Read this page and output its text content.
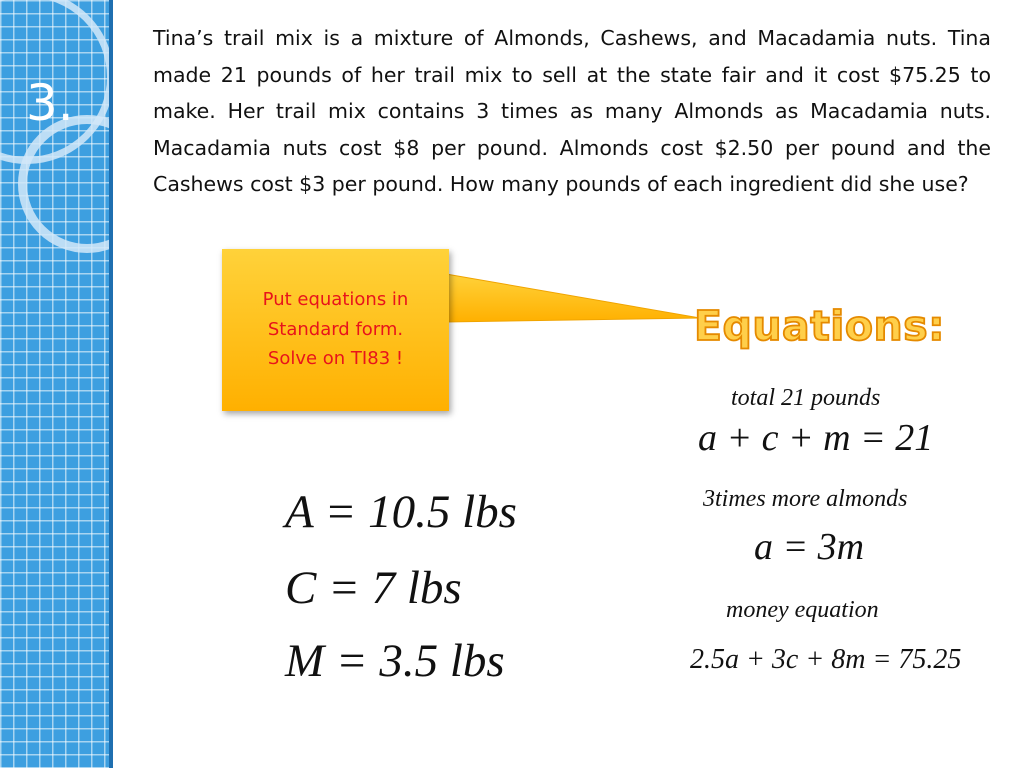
3.

Tina’s trail mix is a mixture of Almonds, Cashews, and Macadamia nuts. Tina made 21 pounds of her trail mix to sell at the state fair and it cost $75.25 to make. Her trail mix contains 3 times as many Almonds as Macadamia nuts. Macadamia nuts cost $8 per pound. Almonds cost $2.50 per pound and the Cashews cost $3 per pound. How many pounds of each ingredient did she use?

Put equations in
Standard form.
Solve on TI83 !
Equations:
total 21 pounds
a + c + m = 21
3times more almonds
a = 3m
money equation
2.5a + 3c + 8m = 75.25
A = 10.5 lbs
C = 7 lbs
M = 3.5 lbs
